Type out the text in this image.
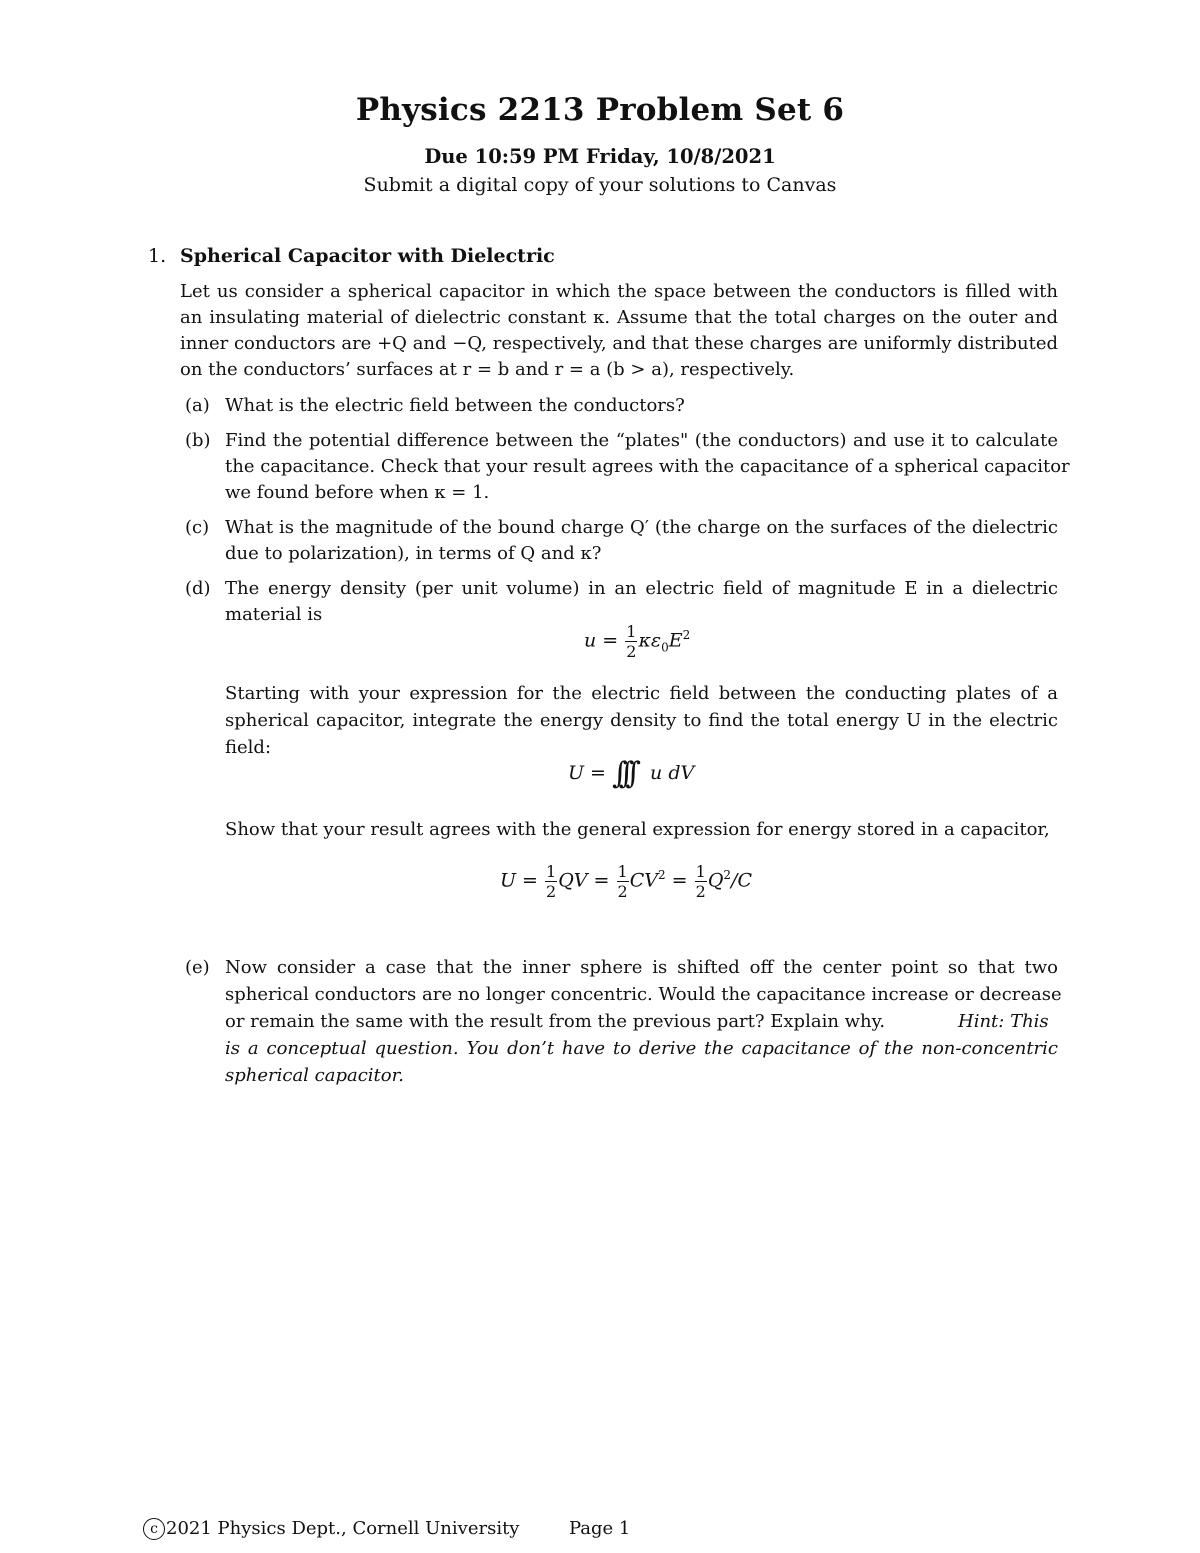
Physics 2213 Problem Set 6
Due 10:59 PM Friday, 10/8/2021
Submit a digital copy of your solutions to Canvas
1. Spherical Capacitor with Dielectric
Let us consider a spherical capacitor in which the space between the conductors is filled with
an insulating material of dielectric constant κ. Assume that the total charges on the outer and
inner conductors are +Q and −Q, respectively, and that these charges are uniformly distributed
on the conductors’ surfaces at r = b and r = a (b > a), respectively.
(a) What is the electric field between the conductors?
(b) Find the potential difference between the “plates" (the conductors) and use it to calculate
the capacitance. Check that your result agrees with the capacitance of a spherical capacitor
we found before when κ = 1.
(c) What is the magnitude of the bound charge Q′ (the charge on the surfaces of the dielectric
due to polarization), in terms of Q and κ?
(d) The energy density (per unit volume) in an electric field of magnitude E in a dielectric
material is
$u = \frac{1}{2} \kappa\varepsilon_0E^2$
Starting with your expression for the electric field between the conducting plates of a
spherical capacitor, integrate the energy density to find the total energy U in the electric
field:
U = ∫∫∫ u dV
Show that your result agrees with the general expression for energy stored in a capacitor,
$U = \frac{1}{2}$ QV = $\frac{1}{2} CV^2 = \frac{1}{2} Q^2/C$
(e) Now consider a case that the inner sphere is shifted off the center point so that two
spherical conductors are no longer concentric. Would the capacitance increase or decrease
or remain the same with the result from the previous part? Explain why.	Hint: This
is a conceptual question. You don’t have to derive the capacitance of the non-concentric
spherical capacitor.
c 2021 Physics Dept., Cornell University	Page 1
